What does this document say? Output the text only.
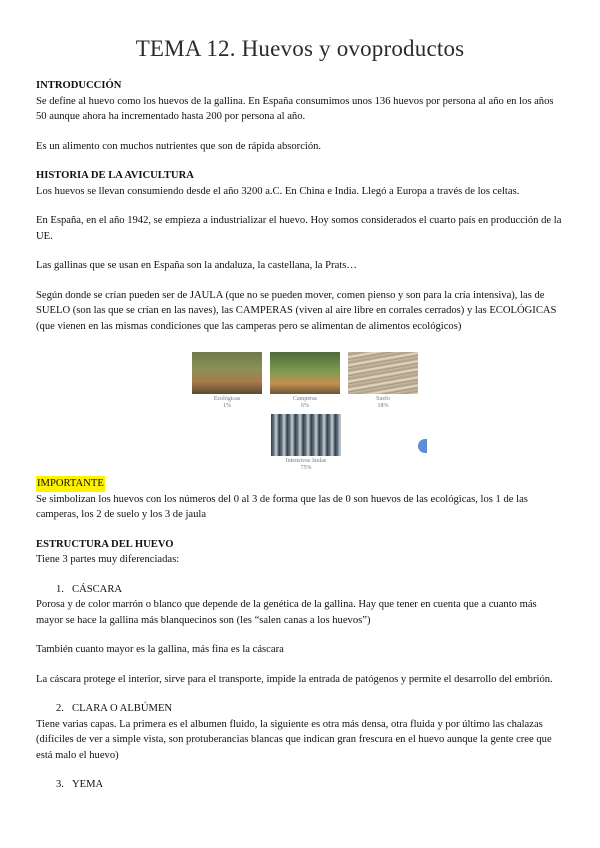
TEMA 12. Huevos y ovoproductos

INTRODUCCIÓN

Se define al huevo como los huevos de la gallina. En España consumimos unos 136 huevos por persona al año en los años 50 aunque ahora ha incrementado hasta 200 por persona al año.

Es un alimento con muchos nutrientes que son de rápida absorción.

HISTORIA DE LA AVICULTURA

Los huevos se llevan consumiendo desde el año 3200 a.C. En China e India. Llegó a Europa a través de los celtas.

En España, en el año 1942, se empieza a industrializar el huevo. Hoy somos considerados el cuarto país en producción de la UE.

Las gallinas que se usan en España son la andaluza, la castellana, la Prats…

Según donde se crían pueden ser de JAULA (que no se pueden mover, comen pienso y son para la cría intensiva), las de SUELO (son las que se crían en las naves), las CAMPERAS (viven al aire libre en corrales cerrados) y las ECOLÓGICAS (que vienen en las mismas condiciones que las camperas pero se alimentan de alimentos ecológicos)

Ecológicas
1%
Camperas
6%
Suelo
18%
Intensivas Jaulas
75%

IMPORTANTE

Se simbolizan los huevos con los números del 0 al 3 de forma que las de 0 son huevos de las ecológicas, los 1 de las camperas, los 2 de suelo y los 3 de jaula

ESTRUCTURA DEL HUEVO

Tiene 3 partes muy diferenciadas:

1. CÁSCARA

Porosa y de color marrón o blanco que depende de la genética de la gallina. Hay que tener en cuenta que a cuanto más mayor se hace la gallina más blanquecinos son (les “salen canas a los huevos”)

También cuanto mayor es la gallina, más fina es la cáscara

La cáscara protege el interior, sirve para el transporte, impide la entrada de patógenos y permite el desarrollo del embrión.

2. CLARA O ALBÚMEN

Tiene varias capas. La primera es el albumen fluido, la siguiente es otra más densa, otra fluida y por último las chalazas (difíciles de ver a simple vista, son protuberancias blancas que indican gran frescura en el huevo aunque la gente cree que está malo el huevo)

3. YEMA
